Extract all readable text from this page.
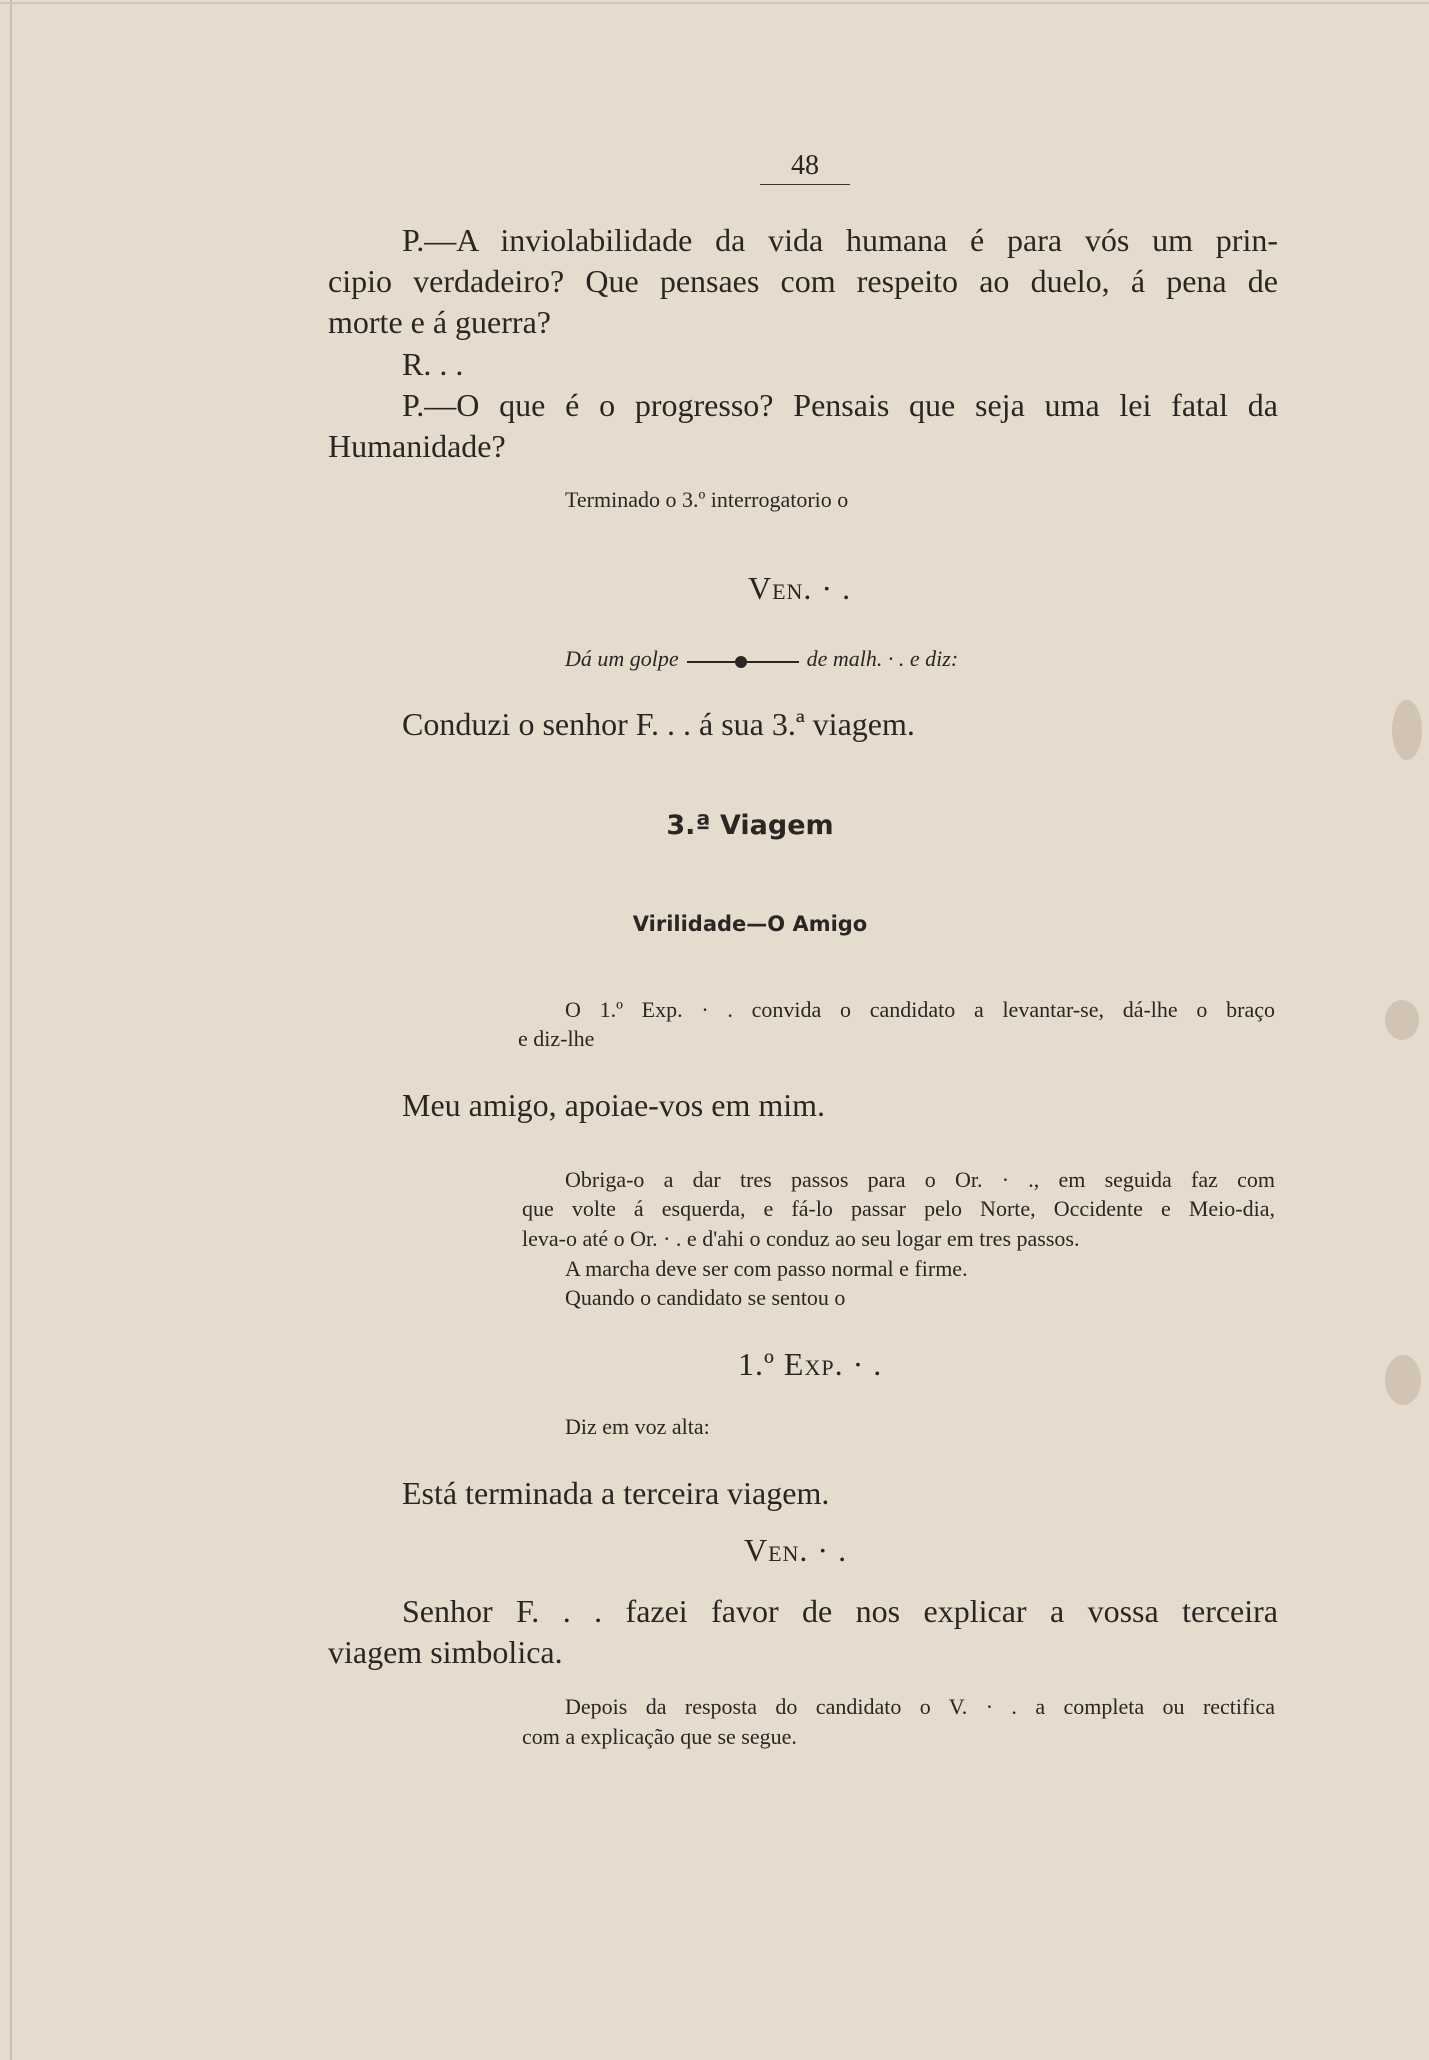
48
P.—A inviolabilidade da vida humana é para vós um prin-
cipio verdadeiro? Que pensaes com respeito ao duelo, á pena de
morte e á guerra?
R. . .
P.—O que é o progresso? Pensais que seja uma lei fatal da
Humanidade?
Terminado o 3.º interrogatorio o
Ven. · .
Dá um golpe	de malh. · . e diz:
Conduzi o senhor F. . . á sua 3.ª viagem.
3.ª Viagem
Virilidade—O Amigo
O 1.º Exp. · . convida o candidato a levantar-se, dá-lhe o braço
e diz-lhe
Meu amigo, apoiae-vos em mim.
Obriga-o a dar tres passos para o Or. · ., em seguida faz com
que volte á esquerda, e fá-lo passar pelo Norte, Occidente e Meio-dia,
leva-o até o Or. · . e d'ahi o conduz ao seu logar em tres passos.
A marcha deve ser com passo normal e firme.
Quando o candidato se sentou o
1.º Exp. · .
Diz em voz alta:
Está terminada a terceira viagem.
Ven. · .
Senhor F. . . fazei favor de nos explicar a vossa terceira
viagem simbolica.
Depois da resposta do candidato o V. · . a completa ou rectifica
com a explicação que se segue.
